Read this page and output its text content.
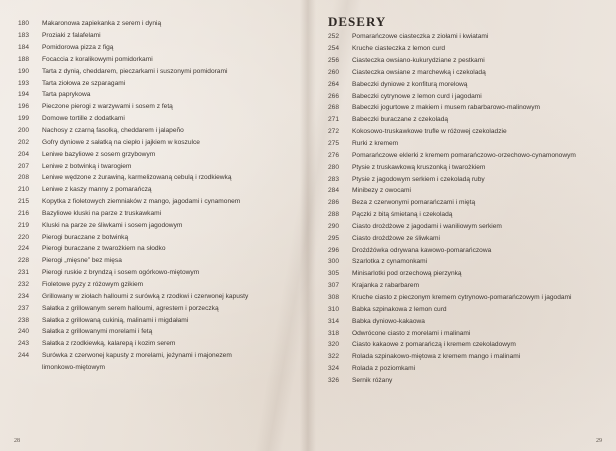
180	Makaronowa zapiekanka z serem i dynią
183	Proziaki z falafelami
184	Pomidorowa pizza z figą
188	Focaccia z koralikowymi pomidorkami
190	Tarta z dynią, cheddarem, pieczarkami i suszonymi pomidorami
193	Tarta ziołowa ze szparagami
194	Tarta paprykowa
196	Pieczone pierogi z warzywami i sosem z fetą
199	Domowe tortille z dodatkami
200	Nachosy z czarną fasolką, cheddarem i jalapeño
202	Gofry dyniowe z sałatką na ciepło i jajkiem w koszulce
204	Leniwe bazyliowe z sosem grzybowym
207	Leniwe z botwinką i twarogiem
208	Leniwe wędzone z żurawiną, karmelizowaną cebulą i rzodkiewką
210	Leniwe z kaszy manny z pomarańczą
215	Kopytka z fioletowych ziemniaków z mango, jagodami i cynamonem
216	Bazyliowe kluski na parze z truskawkami
219	Kluski na parze ze śliwkami i sosem jagodowym
220	Pierogi buraczane z botwinką
224	Pierogi buraczane z twarożkiem na słodko
228	Pierogi „mięsne” bez mięsa
231	Pierogi ruskie z bryndzą i sosem ogórkowo-miętowym
232	Fioletowe pyzy z różowym gzikiem
234	Grillowany w ziołach halloumi z surówką z rzodkwi i czerwonej kapusty
237	Sałatka z grillowanym serem halloumi, agrestem i porzeczką
238	Sałatka z grillowaną cukinią, malinami i migdałami
240	Sałatka z grillowanymi morelami i fetą
243	Sałatka z rzodkiewką, kalarepą i kozim serem
244	Surówka z czerwonej kapusty z morelami, jeżynami i majonezem
limonkowo-miętowym
28
DESERY
252	Pomarańczowe ciasteczka z ziołami i kwiatami
254	Kruche ciasteczka z lemon curd
256	Ciasteczka owsiano-kukurydziane z pestkami
260	Ciasteczka owsiane z marchewką i czekoladą
264	Babeczki dyniowe z konfiturą morelową
266	Babeczki cytrynowe z lemon curd i jagodami
268	Babeczki jogurtowe z makiem i musem rabarbarowo-malinowym
271	Babeczki buraczane z czekoladą
272	Kokosowo-truskawkowe trufle w różowej czekoladzie
275	Rurki z kremem
276	Pomarańczowe eklerki z kremem pomarańczowo-orzechowo-cynamonowym
280	Ptysie z truskawkową kruszonką i twarożkiem
283	Ptysie z jagodowym serkiem i czekoladą ruby
284	Minibezy z owocami
286	Beza z czerwonymi pomarańczami i miętą
288	Pączki z bitą śmietaną i czekoladą
290	Ciasto drożdżowe z jagodami i waniliowym serkiem
295	Ciasto drożdżowe ze śliwkami
296	Drożdżówka odrywana kawowo-pomarańczowa
300	Szarlotka z cynamonkami
305	Minisarlotki pod orzechową pierzynką
307	Krajanka z rabarbarem
308	Kruche ciasto z pieczonym kremem cytrynowo-pomarańczowym i jagodami
310	Babka szpinakowa z lemon curd
314	Babka dyniowo-kakaowa
318	Odwrócone ciasto z morelami i malinami
320	Ciasto kakaowe z pomarańczą i kremem czekoladowym
322	Rolada szpinakowo-miętowa z kremem mango i malinami
324	Rolada z poziomkami
326	Sernik różany
29
